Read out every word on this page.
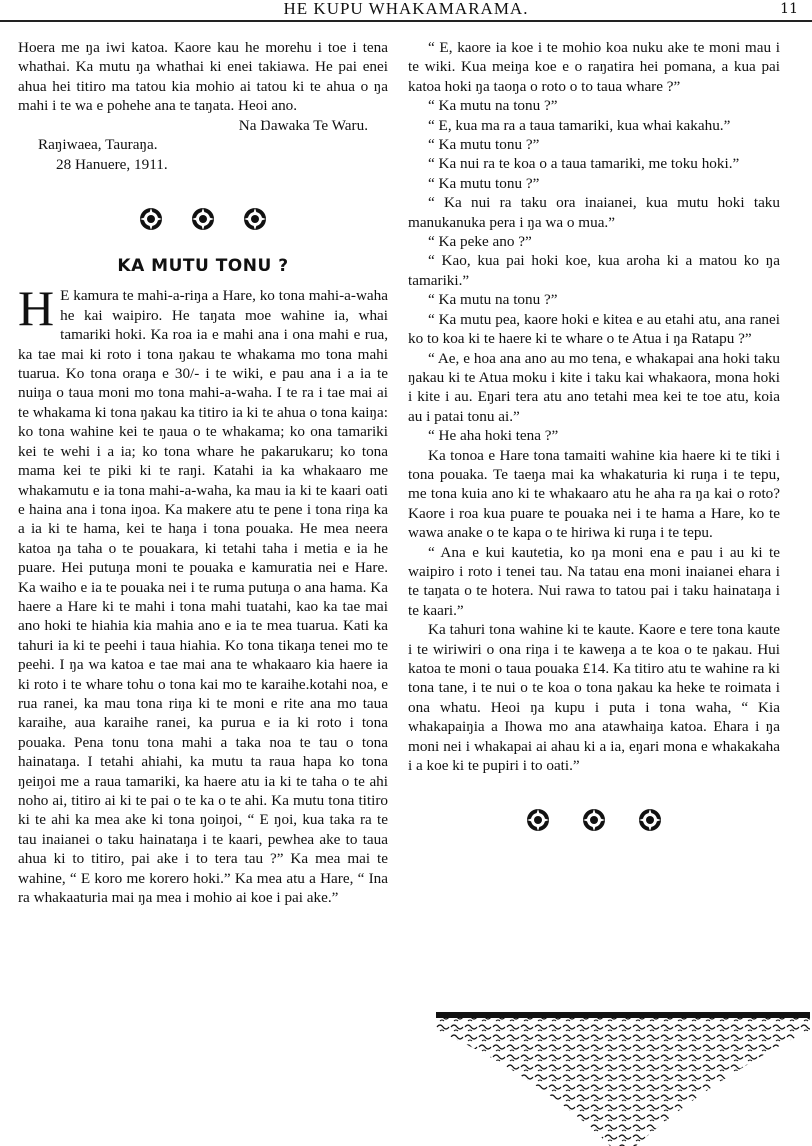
HE KUPU WHAKAMARAMA.	11

Hoera me ŋa iwi katoa. Kaore kau he morehu i toe i tena whathai. Ka mutu ŋa whathai ki enei takiawa. He pai enei ahua hei titiro ma tatou kia mohio ai tatou ki te ahua o ŋa mahi i te wa e pohehe ana te taŋata. Heoi ano.

Na Ŋawaka Te Waru.

Raŋiwaea, Tauraŋa.

28 Hanuere, 1911.

KA MUTU TONU ?

H E kamura te mahi-a-riŋa a Hare, ko tona mahi-a-waha he kai waipiro. He taŋata moe wahine ia, whai tamariki hoki. Ka roa ia e mahi ana i ona mahi e rua, ka tae mai ki roto i tona ŋakau te whakama mo tona mahi tuarua. Ko tona oraŋa e 30/- i te wiki, e pau ana i a ia te nuiŋa o taua moni mo tona mahi-a-waha. I te ra i tae mai ai te whakama ki tona ŋakau ka titiro ia ki te ahua o tona kaiŋa: ko tona wahine kei te ŋaua o te whakama; ko ona tamariki kei te wehi i a ia; ko tona whare he pakarukaru; ko tona mama kei te piki ki te raŋi. Katahi ia ka whakaaro me whakamutu e ia tona mahi-a-waha, ka mau ia ki te kaari oati e haina ana i tona iŋoa. Ka makere atu te pene i tona riŋa ka a ia ki te hama, kei te haŋa i tona pouaka. He mea neera katoa ŋa taha o te pouakara, ki tetahi taha i metia e ia he puare. Hei putuŋa moni te pouaka e kamuratia nei e Hare. Ka waiho e ia te pouaka nei i te ruma putuŋa o ana hama. Ka haere a Hare ki te mahi i tona mahi tuatahi, kao ka tae mai ano hoki te hiahia kia mahia ano e ia te mea tuarua. Kati ka tahuri ia ki te peehi i taua hiahia. Ko tona tikaŋa tenei mo te peehi. I ŋa wa katoa e tae mai ana te whakaaro kia haere ia ki roto i te whare tohu o tona kai mo te karaihe.kotahi noa, e rua ranei, ka mau tona riŋa ki te moni e rite ana mo taua karaihe, aua karaihe ranei, ka purua e ia ki roto i tona pouaka. Pena tonu tona mahi a taka noa te tau o tona hainataŋa. I tetahi ahiahi, ka mutu ta raua hapa ko tona ŋeiŋoi me a raua tamariki, ka haere atu ia ki te taha o te ahi noho ai, titiro ai ki te pai o te ka o te ahi. Ka mutu tona titiro ki te ahi ka mea ake ki tona ŋoiŋoi, “ E ŋoi, kua taka ra te tau inaianei o taku hainataŋa i te kaari, pewhea ake to taua ahua ki to titiro, pai ake i to tera tau ?” Ka mea mai te wahine, “ E koro me korero hoki.” Ka mea atu a Hare, “ Ina ra whakaaturia mai ŋa mea i mohio ai koe i pai ake.”

“ E, kaore ia koe i te mohio koa nuku ake te moni mau i te wiki. Kua meiŋa koe e o raŋatira hei pomana, a kua pai katoa hoki ŋa taoŋa o roto o to taua whare ?”

“ Ka mutu na tonu ?”

“ E, kua ma ra a taua tamariki, kua whai kakahu.”

“ Ka mutu tonu ?”

“ Ka nui ra te koa o a taua tamariki, me toku hoki.”

“ Ka mutu tonu ?”

“ Ka nui ra taku ora inaianei, kua mutu hoki taku manukanuka pera i ŋa wa o mua.”

“ Ka peke ano ?”

“ Kao, kua pai hoki koe, kua aroha ki a matou ko ŋa tamariki.”

“ Ka mutu na tonu ?”

“ Ka mutu pea, kaore hoki e kitea e au etahi atu, ana ranei ko to koa ki te haere ki te whare o te Atua i ŋa Ratapu ?”

“ Ae, e hoa ana ano au mo tena, e whakapai ana hoki taku ŋakau ki te Atua moku i kite i taku kai whakaora, mona hoki i kite i au. Eŋari tera atu ano tetahi mea kei te toe atu, koia au i patai tonu ai.”

“ He aha hoki tena ?”

Ka tonoa e Hare tona tamaiti wahine kia haere ki te tiki i tona pouaka. Te taeŋa mai ka whakaturia ki ruŋa i te tepu, me tona kuia ano ki te whakaaro atu he aha ra ŋa kai o roto? Kaore i roa kua puare te pouaka nei i te hama a Hare, ko te wawa anake o te kapa o te hiriwa ki ruŋa i te tepu.

“ Ana e kui kautetia, ko ŋa moni ena e pau i au ki te waipiro i roto i tenei tau. Na tatau ena moni inaianei ehara i te taŋata o te hotera. Nui rawa to tatou pai i taku hainataŋa i te kaari.”

Ka tahuri tona wahine ki te kaute. Kaore e tere tona kaute i te wiriwiri o ona riŋa i te kaweŋa a te koa o te ŋakau. Hui katoa te moni o taua pouaka £14. Ka titiro atu te wahine ra ki tona tane, i te nui o te koa o tona ŋakau ka heke te roimata i ona whatu. Heoi ŋa kupu i puta i tona waha, “ Kia whakapaiŋia a Ihowa mo ana atawhaiŋa katoa. Ehara i ŋa moni nei i whakapai ai ahau ki a ia, eŋari mona e whakakaha i a koe ki te pupiri i to oati.”
